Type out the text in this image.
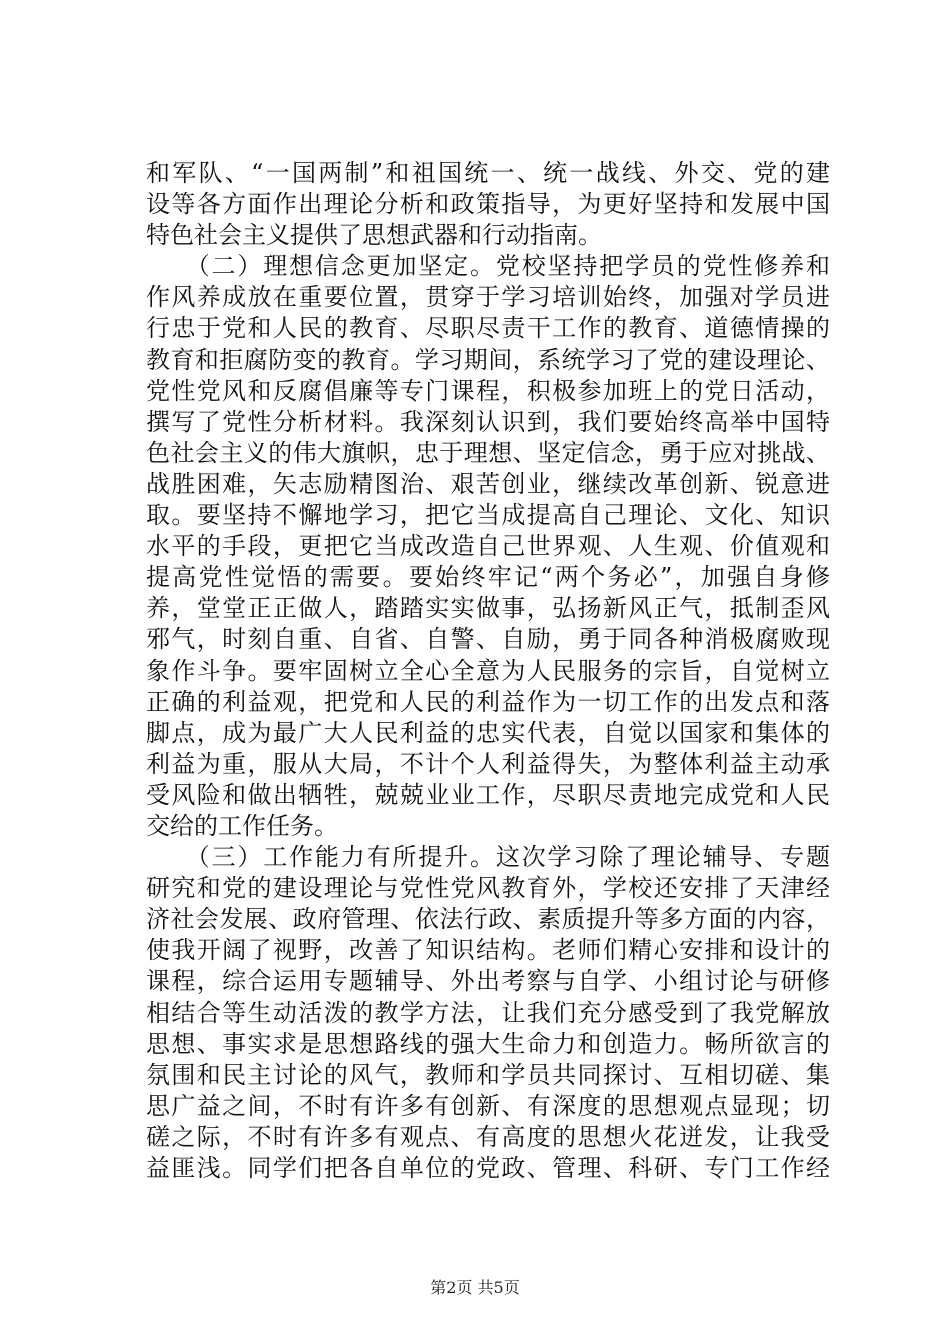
和军队、“一国两制”和祖国统一、统一战线、外交、党的建
设等各方面作出理论分析和政策指导，为更好坚持和发展中国
特色社会主义提供了思想武器和行动指南。
　　（二）理想信念更加坚定。党校坚持把学员的党性修养和
作风养成放在重要位置，贯穿于学习培训始终，加强对学员进
行忠于党和人民的教育、尽职尽责干工作的教育、道德情操的
教育和拒腐防变的教育。学习期间，系统学习了党的建设理论、
党性党风和反腐倡廉等专门课程，积极参加班上的党日活动，
撰写了党性分析材料。我深刻认识到，我们要始终高举中国特
色社会主义的伟大旗帜，忠于理想、坚定信念，勇于应对挑战、
战胜困难，矢志励精图治、艰苦创业，继续改革创新、锐意进
取。要坚持不懈地学习，把它当成提高自己理论、文化、知识
水平的手段，更把它当成改造自己世界观、人生观、价值观和
提高党性觉悟的需要。要始终牢记“两个务必”，加强自身修
养，堂堂正正做人，踏踏实实做事，弘扬新风正气，抵制歪风
邪气，时刻自重、自省、自警、自励，勇于同各种消极腐败现
象作斗争。要牢固树立全心全意为人民服务的宗旨，自觉树立
正确的利益观，把党和人民的利益作为一切工作的出发点和落
脚点，成为最广大人民利益的忠实代表，自觉以国家和集体的
利益为重，服从大局，不计个人利益得失，为整体利益主动承
受风险和做出牺牲，兢兢业业工作，尽职尽责地完成党和人民
交给的工作任务。
　　（三）工作能力有所提升。这次学习除了理论辅导、专题
研究和党的建设理论与党性党风教育外，学校还安排了天津经
济社会发展、政府管理、依法行政、素质提升等多方面的内容，
使我开阔了视野，改善了知识结构。老师们精心安排和设计的
课程，综合运用专题辅导、外出考察与自学、小组讨论与研修
相结合等生动活泼的教学方法，让我们充分感受到了我党解放
思想、事实求是思想路线的强大生命力和创造力。畅所欲言的
氛围和民主讨论的风气，教师和学员共同探讨、互相切磋、集
思广益之间，不时有许多有创新、有深度的思想观点显现；切
磋之际，不时有许多有观点、有高度的思想火花迸发，让我受
益匪浅。同学们把各自单位的党政、管理、科研、专门工作经
第2页 共5页
